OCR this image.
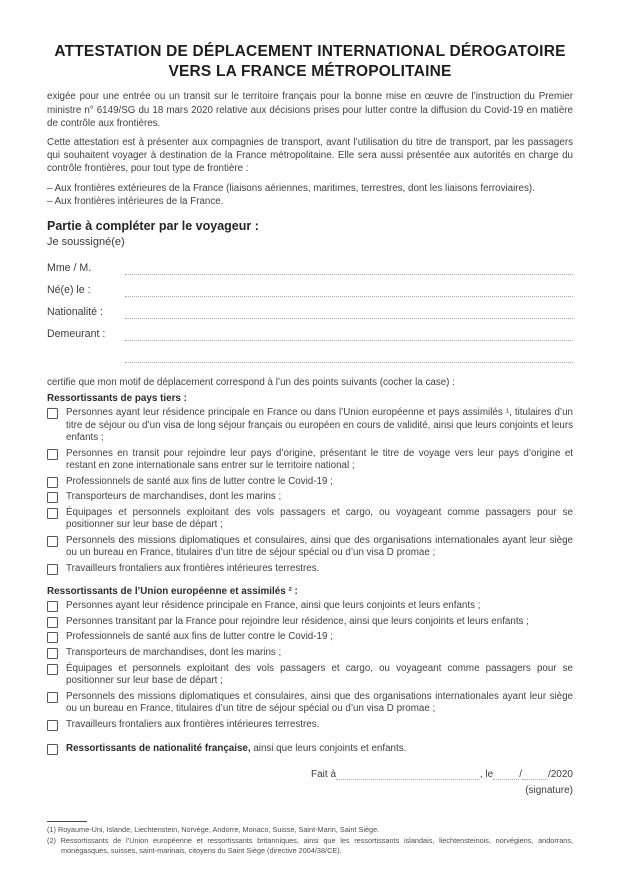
ATTESTATION DE DÉPLACEMENT INTERNATIONAL DÉROGATOIRE
VERS LA FRANCE MÉTROPOLITAINE

exigée pour une entrée ou un transit sur le territoire français pour la bonne mise en œuvre de l’instruction du Premier ministre n° 6149/SG du 18 mars 2020 relative aux décisions prises pour lutter contre la diffusion du Covid-19 en matière de contrôle aux frontières.

Cette attestation est à présenter aux compagnies de transport, avant l’utilisation du titre de transport, par les passagers qui souhaitent voyager à destination de la France métropolitaine. Elle sera aussi présentée aux autorités en charge du contrôle frontières, pour tout type de frontière :

– Aux frontières extérieures de la France (liaisons aériennes, maritimes, terrestres, dont les liaisons ferroviaires).
– Aux frontières intérieures de la France.
Partie à compléter par le voyageur :
Je soussigné(e)
Mme / M.
Né(e) le :
Nationalité :
Demeurant :
certifie que mon motif de déplacement correspond à l’un des points suivants (cocher la case) :
Ressortissants de pays tiers :
Personnes ayant leur résidence principale en France ou dans l’Union européenne et pays assimilés ¹, titulaires d’un titre de séjour ou d’un visa de long séjour français ou européen en cours de validité, ainsi que leurs conjoints et leurs enfants ;
Personnes en transit pour rejoindre leur pays d’origine, présentant le titre de voyage vers leur pays d’origine et restant en zone internationale sans entrer sur le territoire national ;
Professionnels de santé aux fins de lutter contre le Covid-19 ;
Transporteurs de marchandises, dont les marins ;
Équipages et personnels exploitant des vols passagers et cargo, ou voyageant comme passagers pour se positionner sur leur base de départ ;
Personnels des missions diplomatiques et consulaires, ainsi que des organisations internationales ayant leur siège ou un bureau en France, titulaires d’un titre de séjour spécial ou d’un visa D promae ;
Travailleurs frontaliers aux frontières intérieures terrestres.
Ressortissants de l’Union européenne et assimilés ² :
Personnes ayant leur résidence principale en France, ainsi que leurs conjoints et leurs enfants ;
Personnes transitant par la France pour rejoindre leur résidence, ainsi que leurs conjoints et leurs enfants ;
Professionnels de santé aux fins de lutter contre le Covid-19 ;
Transporteurs de marchandises, dont les marins ;
Équipages et personnels exploitant des vols passagers et cargo, ou voyageant comme passagers pour se positionner sur leur base de départ ;
Personnels des missions diplomatiques et consulaires, ainsi que des organisations internationales ayant leur siège ou un bureau en France, titulaires d’un titre de séjour spécial ou d’un visa D promae ;
Travailleurs frontaliers aux frontières intérieures terrestres.
Ressortissants de nationalité française, ainsi que leurs conjoints et enfants.
Fait à	, le	/	/2020
(signature)
(1) Royaume-Uni, Islande, Liechtenstein, Norvège, Andorre, Monaco, Suisse, Saint-Marin, Saint Siège.
(2) Ressortissants de l’Union européenne et ressortissants britanniques, ainsi que les ressortissants islandais, liechtensteinois, norvégiens, andorrans, monégasques, suisses, saint-marinais, citoyens du Saint Siège (directive 2004/38/CE).
